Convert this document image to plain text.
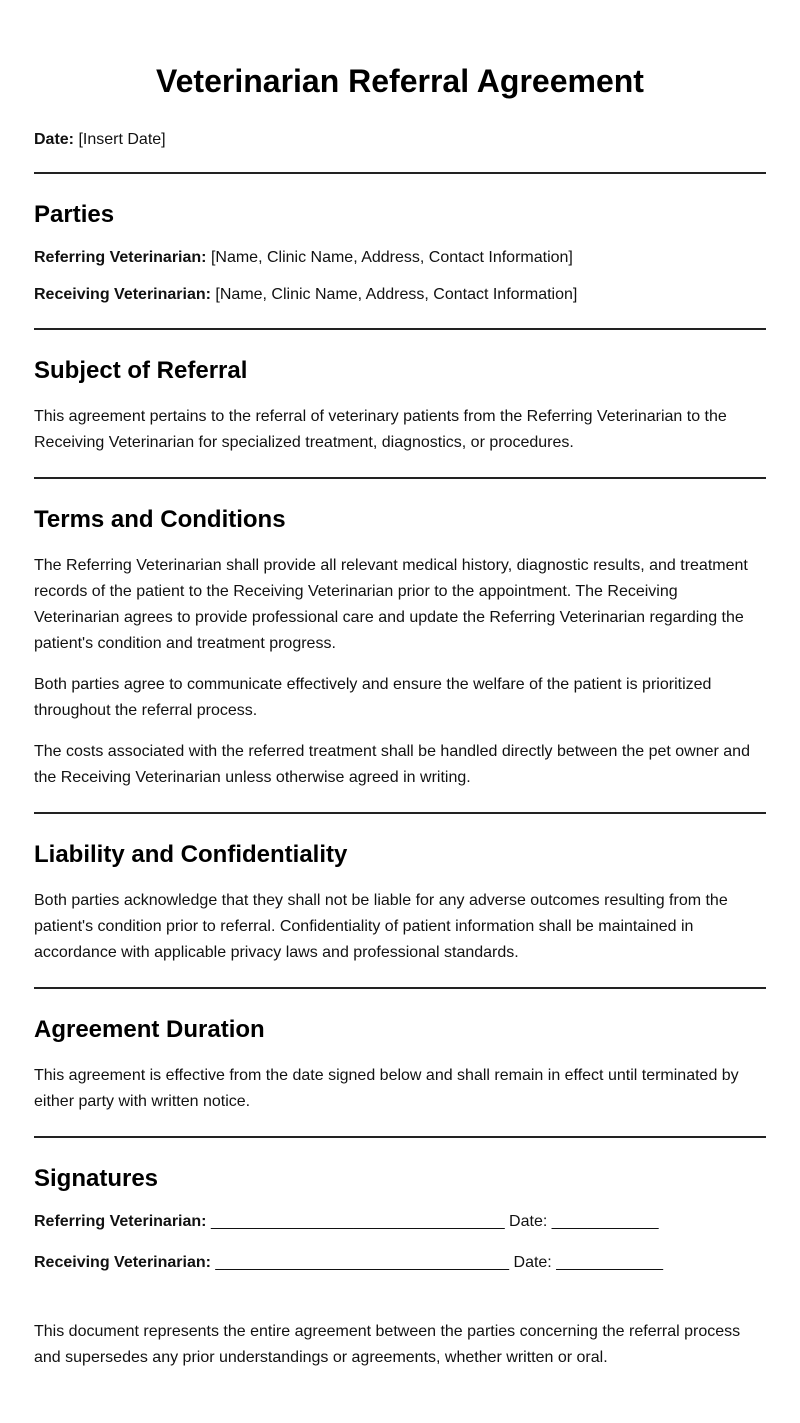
Veterinarian Referral Agreement
Date: [Insert Date]
Parties
Referring Veterinarian: [Name, Clinic Name, Address, Contact Information]
Receiving Veterinarian: [Name, Clinic Name, Address, Contact Information]
Subject of Referral

This agreement pertains to the referral of veterinary patients from the Referring Veterinarian to the Receiving Veterinarian for specialized treatment, diagnostics, or procedures.

Terms and Conditions

The Referring Veterinarian shall provide all relevant medical history, diagnostic results, and treatment records of the patient to the Receiving Veterinarian prior to the appointment. The Receiving Veterinarian agrees to provide professional care and update the Referring Veterinarian regarding the patient's condition and treatment progress.

Both parties agree to communicate effectively and ensure the welfare of the patient is prioritized throughout the referral process.

The costs associated with the referred treatment shall be handled directly between the pet owner and the Receiving Veterinarian unless otherwise agreed in writing.

Liability and Confidentiality

Both parties acknowledge that they shall not be liable for any adverse outcomes resulting from the patient's condition prior to referral. Confidentiality of patient information shall be maintained in accordance with applicable privacy laws and professional standards.

Agreement Duration

This agreement is effective from the date signed below and shall remain in effect until terminated by either party with written notice.

Signatures
Referring Veterinarian: _________________________________ Date: ____________
Receiving Veterinarian: _________________________________ Date: ____________

This document represents the entire agreement between the parties concerning the referral process and supersedes any prior understandings or agreements, whether written or oral.
